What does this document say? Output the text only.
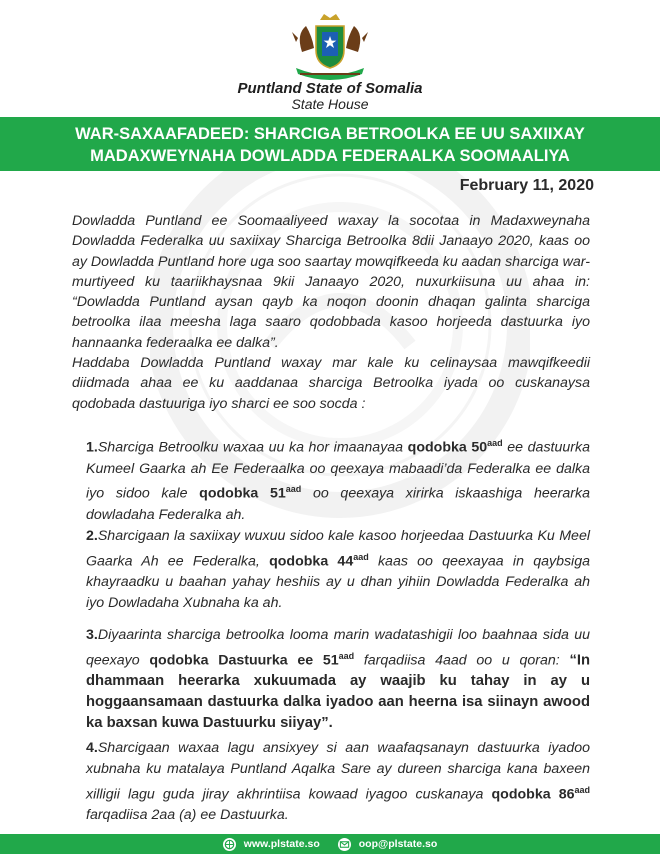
Puntland State of Somalia
State House
WAR-SAXAAFADEED: SHARCIGA BETROOLKA EE UU SAXIIXAY
MADAXWEYNAHA DOWLADDA FEDERAALKA SOOMAALIYA
February 11, 2020
Dowladda Puntland ee Soomaaliyeed waxay la socotaa in Madaxweynaha Dowladda Federalka uu saxiixay Sharciga Betroolka 8dii Janaayo 2020, kaas oo ay Dowladda Puntland hore uga soo saartay mowqifkeeda ku aadan sharciga war-murtiyeed ku taariikhaysnaa 9kii Janaayo 2020, nuxurkiisuna uu ahaa in: “Dowladda Puntland aysan qayb ka noqon doonin dhaqan galinta sharciga betroolka ilaa meesha laga saaro qodobbada kasoo horjeeda dastuurka iyo hannaanka federaalka ee dalka”.
Haddaba Dowladda Puntland waxay mar kale ku celinaysaa mawqifkeedii diidmada ahaa ee ku aaddanaa sharciga Betroolka iyada oo cuskanaysa qodobada dastuuriga iyo sharci ee soo socda :
1.Sharciga Betroolku waxaa uu ka hor imaanayaa qodobka $50^{aad}$ ee dastuurka Kumeel Gaarka ah Ee Federaalka oo qeexaya mabaadi’da Federalka ee dalka iyo sidoo kale qodobka $51^{aad}$ oo qeexaya xirirka iskaashiga heerarka dowladaha Federalka ah.
2.Sharcigaan la saxiixay wuxuu sidoo kale kasoo horjeedaa Dastuurka Ku Meel Gaarka Ah ee Federalka, qodobka $44^{aad}$ kaas oo qeexayaa in qaybsiga khayraadku u baahan yahay heshiis ay u dhan yihiin Dowladda Federalka ah iyo Dowladaha Xubnaha ka ah.
3.Diyaarinta sharciga betroolka looma marin wadatashigii loo baahnaa sida uu qeexayo qodobka Dastuurka ee $51^{aad}$ farqadiisa 4aad oo u qoran: “In dhammaan heerarka xukuumada ay waajib ku tahay in ay u hoggaansamaan dastuurka dalka iyadoo aan heerna isa siinayn awood ka baxsan kuwa Dastuurku siiyay”.
4.Sharcigaan waxaa lagu ansixyey si aan waafaqsanayn dastuurka iyadoo xubnaha ku matalaya Puntland Aqalka Sare ay dureen sharciga kana baxeen xilligii lagu guda jiray akhrintiisa kowaad iyagoo cuskanaya qodobka $86^{aad}$ farqadiisa 2aa (a) ee Dastuurka.
www.plstate.so	oop@plstate.so
